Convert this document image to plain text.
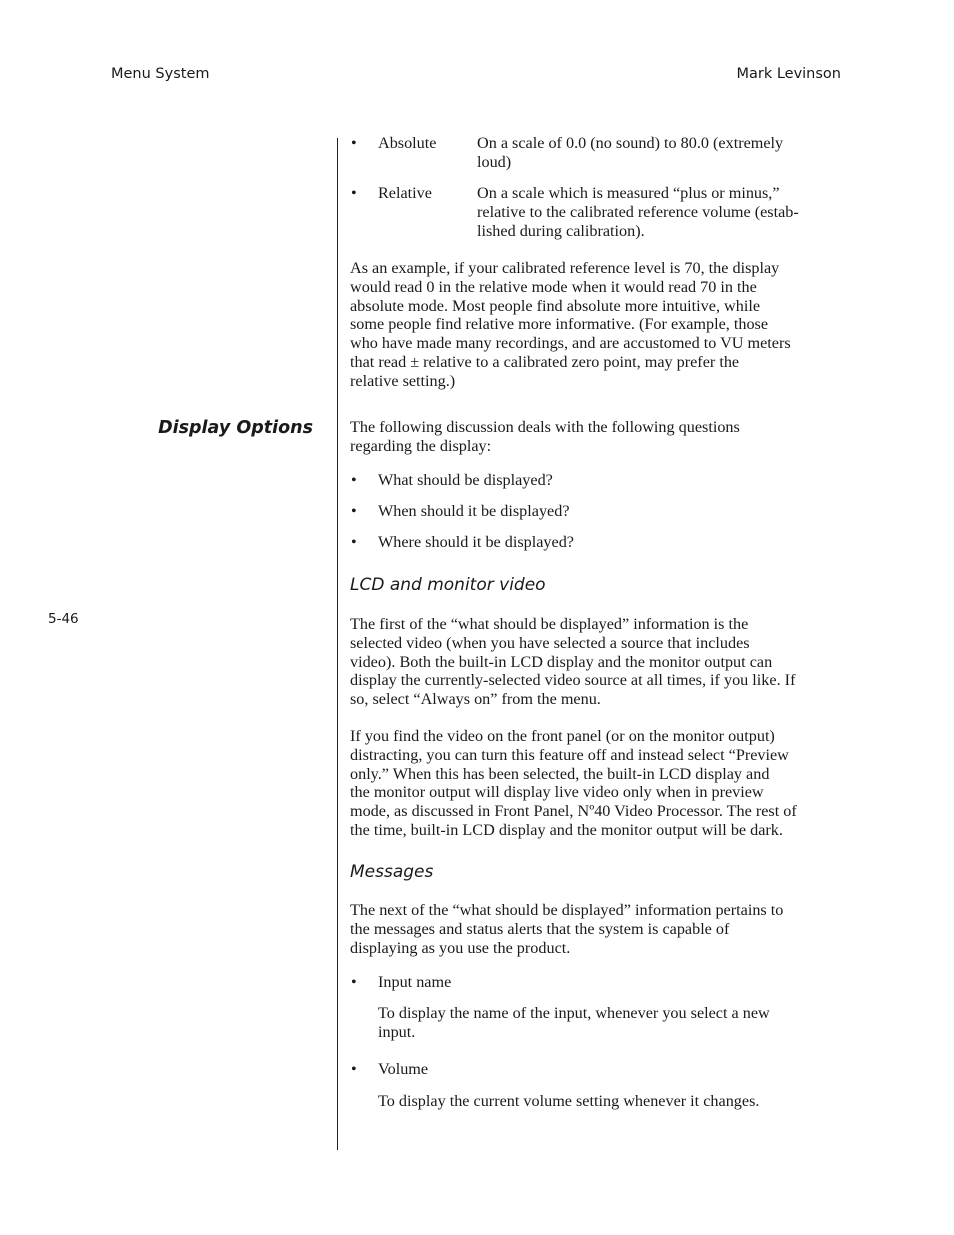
Menu System	Mark Levinson
5-46
Display Options
• Absolute	On a scale of 0.0 (no sound) to 80.0 (extremely
loud)
• Relative	On a scale which is measured “plus or minus,”
relative to the calibrated reference volume (estab-
lished during calibration).
As an example, if your calibrated reference level is 70, the display
would read 0 in the relative mode when it would read 70 in the
absolute mode. Most people find absolute more intuitive, while
some people find relative more informative. (For example, those
who have made many recordings, and are accustomed to VU meters
that read ± relative to a calibrated zero point, may prefer the
relative setting.)
The following discussion deals with the following questions
regarding the display:
• What should be displayed?
• When should it be displayed?
• Where should it be displayed?
LCD and monitor video
The first of the “what should be displayed” information is the
selected video (when you have selected a source that includes
video). Both the built-in LCD display and the monitor output can
display the currently-selected video source at all times, if you like. If
so, select “Always on” from the menu.
If you find the video on the front panel (or on the monitor output)
distracting, you can turn this feature off and instead select “Preview
only.” When this has been selected, the built-in LCD display and
the monitor output will display live video only when in preview
mode, as discussed in Front Panel, Nº40 Video Processor. The rest of
the time, built-in LCD display and the monitor output will be dark.
Messages
The next of the “what should be displayed” information pertains to
the messages and status alerts that the system is capable of
displaying as you use the product.
• Input name
To display the name of the input, whenever you select a new
input.
• Volume
To display the current volume setting whenever it changes.
